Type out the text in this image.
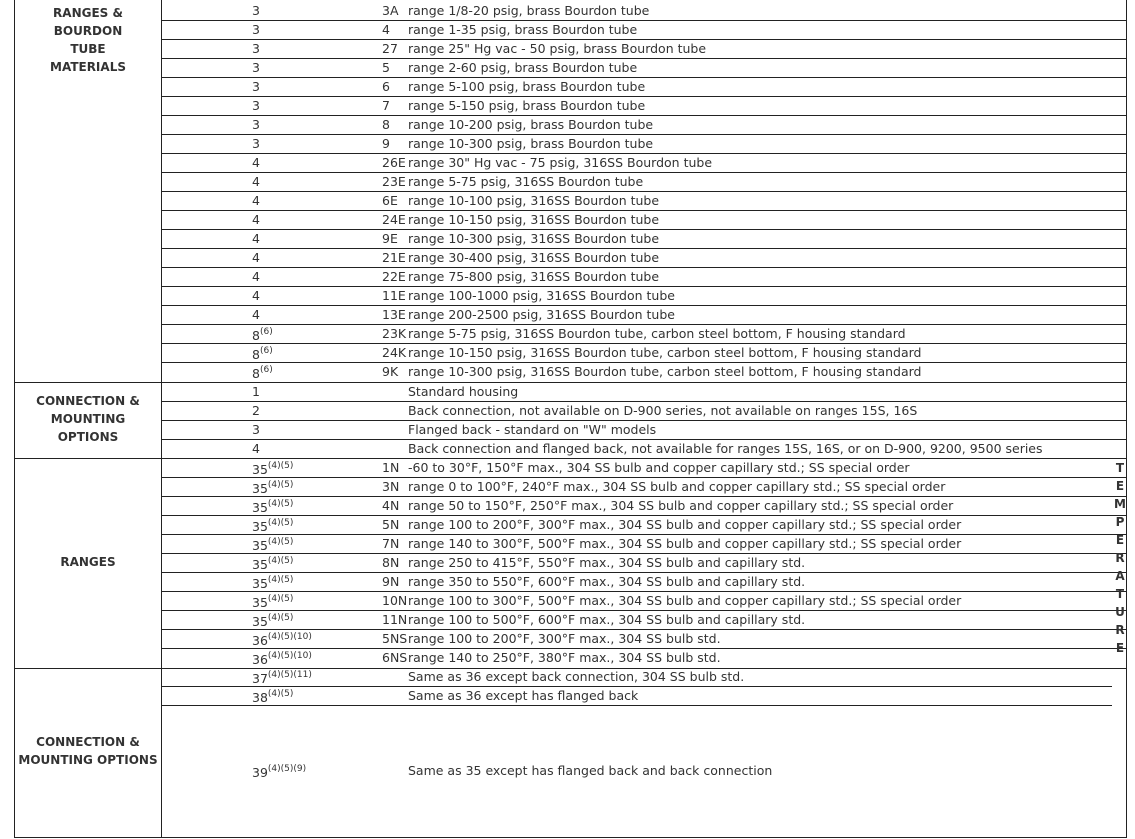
RANGES &
BOURDON
TUBE
MATERIALS
3	3A range 1/8-20 psig, brass Bourdon tube
3	4 range 1-35 psig, brass Bourdon tube
3	27 range 25" Hg vac - 50 psig, brass Bourdon tube
3	5 range 2-60 psig, brass Bourdon tube
3	6 range 5-100 psig, brass Bourdon tube
3	7 range 5-150 psig, brass Bourdon tube
3	8 range 10-200 psig, brass Bourdon tube
3	9 range 10-300 psig, brass Bourdon tube
4	26E range 30" Hg vac - 75 psig, 316SS Bourdon tube
4	23E range 5-75 psig, 316SS Bourdon tube
4	6E range 10-100 psig, 316SS Bourdon tube
4	24E range 10-150 psig, 316SS Bourdon tube
4	9E range 10-300 psig, 316SS Bourdon tube
4	21E range 30-400 psig, 316SS Bourdon tube
4	22E range 75-800 psig, 316SS Bourdon tube
4	11E range 100-1000 psig, 316SS Bourdon tube
4	13E range 200-2500 psig, 316SS Bourdon tube
8$^{(6)}$	23K range 5-75 psig, 316SS Bourdon tube, carbon steel bottom, F housing standard
8$^{(6)}$	24K range 10-150 psig, 316SS Bourdon tube, carbon steel bottom, F housing standard
8$^{(6)}$	9K range 10-300 psig, 316SS Bourdon tube, carbon steel bottom, F housing standard
CONNECTION &
MOUNTING
OPTIONS
1	Standard housing
2	Back connection, not available on D-900 series, not available on ranges 15S, 16S
3	Flanged back - standard on "W" models
4	Back connection and flanged back, not available for ranges 15S, 16S, or on D-900, 9200, 9500 series
RANGES
$35^{(4)(5)}$	1N -60 to 30°F, 150°F max., 304 SS bulb and copper capillary std.; SS special order
$35^{(4)(5)}$	3N range 0 to 100°F, 240°F max., 304 SS bulb and copper capillary std.; SS special order
$35^{(4)(5)}$	4N range 50 to 150°F, 250°F max., 304 SS bulb and copper capillary std.; SS special order
$35^{(4)(5)}$	5N range 100 to 200°F, 300°F max., 304 SS bulb and copper capillary std.; SS special order
$35^{(4)(5)}$	7N range 140 to 300°F, 500°F max., 304 SS bulb and copper capillary std.; SS special order
$35^{(4)(5)}$	8N range 250 to 415°F, 550°F max., 304 SS bulb and capillary std.
$35^{(4)(5)}$	9N range 350 to 550°F, 600°F max., 304 SS bulb and capillary std.
$35^{(4)(5)}$	10N range 100 to 300°F, 500°F max., 304 SS bulb and copper capillary std.; SS special order
$35^{(4)(5)}$	11N range 100 to 500°F, 600°F max., 304 SS bulb and capillary std.
$36^{(4)(5)(10)}$	5NS range 100 to 200°F, 300°F max., 304 SS bulb std.
$36^{(4)(5)(10)}$	6NS range 140 to 250°F, 380°F max., 304 SS bulb std.
CONNECTION &
MOUNTING OPTIONS
$37^{(4)(5)(11)}$	Same as 36 except back connection, 304 SS bulb std.
$38^{(4)(5)}$	Same as 36 except has flanged back
$39^{(4)(5)(9)}$	Same as 35 except has flanged back and back connection
T
E
M
P
E
R
A
T
U
R
E
